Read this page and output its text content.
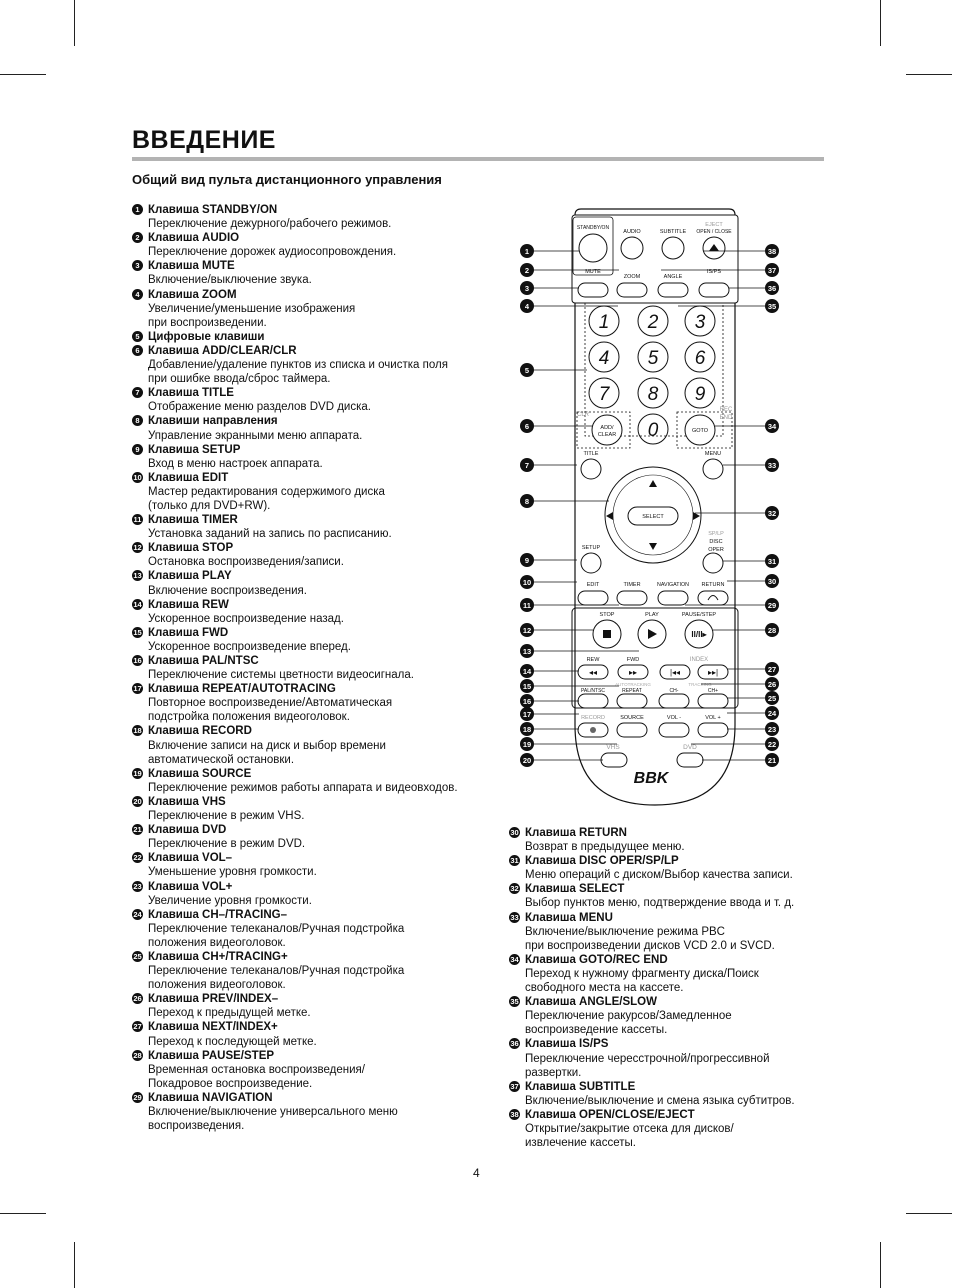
ВВЕДЕНИЕ
Общий вид пульта дистанционного управления
1 Клавиша STANDBY/ON
Переключение дежурного/рабочего режимов.
2 Клавиша AUDIO
Переключение дорожек аудиосопровождения.
3 Клавиша MUTE
Включение/выключение звука.
4 Клавиша ZOOM
Увеличение/уменьшение изображения
при воспроизведении.
5 Цифровые клавиши
6 Клавиша ADD/CLEAR/CLR
Добавление/удаление пунктов из списка и очистка поля
при ошибке ввода/сброс таймера.
7 Клавиша TITLE
Отображение меню разделов DVD диска.
8 Клавиши направления
Управление экранными меню аппарата.
9 Клавиша SETUP
Вход в меню настроек аппарата.
10 Клавиша EDIT
Мастер редактирования содержимого диска
(только для DVD+RW).
11 Клавиша TIMER
Установка заданий на запись по расписанию.
12 Клавиша STOP
Остановка воспроизведения/записи.
13 Клавиша PLAY
Включение воспроизведения.
14 Клавиша REW
Ускоренное воспроизведение назад.
15 Клавиша FWD
Ускоренное воспроизведение вперед.
16 Клавиша PAL/NTSC
Переключение системы цветности видеосигнала.
17 Клавиша REPEAT/AUTOTRACING
Повторное воспроизведение/Автоматическая
подстройка положения видеоголовок.
18 Клавиша RECORD
Включение записи на диск и выбор времени
автоматической остановки.
19 Клавиша SOURCE
Переключение режимов работы аппарата и видеовходов.
20 Клавиша VHS
Переключение в режим VHS.
21 Клавиша DVD
Переключение в режим DVD.
22 Клавиша VOL–
Уменьшение уровня громкости.
23 Клавиша VOL+
Увеличение уровня громкости.
24 Клавиша CH–/TRACING–
Переключение телеканалов/Ручная подстройка
положения видеоголовок.
25 Клавиша CH+/TRACING+
Переключение телеканалов/Ручная подстройка
положения видеоголовок.
26 Клавиша PREV/INDEX–
Переход к предыдущей метке.
27 Клавиша NEXT/INDEX+
Переход к последующей метке.
28 Клавиша PAUSE/STEP
Временная остановка воспроизведения/
Покадровое воспроизведение.
29 Клавиша NAVIGATION
Включение/выключение универсального меню
воспроизведения.
30 Клавиша RETURN
Возврат в предыдущее меню.
31 Клавиша DISC OPER/SP/LP
Меню операций с диском/Выбор качества записи.
32 Клавиша SELECT
Выбор пунктов меню, подтверждение ввода и т. д.
33 Клавиша MENU
Включение/выключение режима PBC
при воспроизведении дисков VCD 2.0 и SVCD.
34 Клавиша GOTO/REC END
Переход к нужному фрагменту диска/Поиск
свободного места на кассете.
35 Клавиша ANGLE/SLOW
Переключение ракурсов/Замедленное
воспроизведение кассеты.
36 Клавиша IS/PS
Переключение чересстрочной/прогрессивной
развертки.
37 Клавиша SUBTITLE
Включение/выключение и смена языка субтитров.
38 Клавиша OPEN/CLOSE/EJECT
Открытие/закрытие отсека для дисков/
извлечение кассеты.
STANDBY/ON
AUDIO	SUBTITLE
EJECT
OPEN / CLOSE
MUTE
ZOOM	ANGLE
IS/PS
1 2 3
4 5 6
7 8 9
0
CLR
ADD/
CLEAR
REC
END
GOTO
TITLE	MENU
SELECT
SETUP
SP/LP
DISC
OPER
EDIT	TIMER	NAVIGATION RETURN
STOP	PLAY	PAUSE/STEP
II/II▸
REW	FWD	INDEX
◂◂	▸▸	|◂◂	▸▸|
AUTOTRACKING	TRACKING
PAL/NTSC	REPEAT	CH-	CH+
RECORD	SOURCE	VOL -	VOL +
VHS	DVD
BBK
1
2
3
4
5
6
7
8
9
10
11
12
13
14
15
16
17
18
19
20
38
37
36
35
34
33
32
31
30
29
28
27
26
25
24
23
22
21
4
